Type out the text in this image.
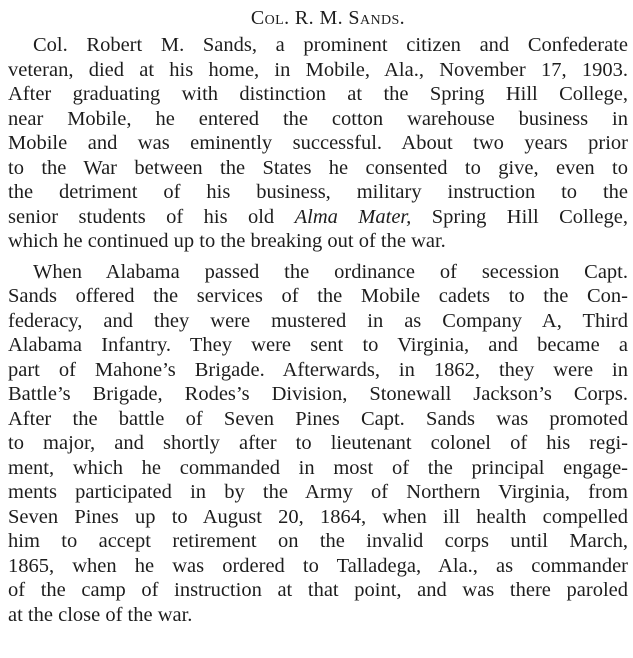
Col. R. M. Sands.
Col. Robert M. Sands, a prominent citizen and Confederate
veteran, died at his home, in Mobile, Ala., November 17, 1903.
After graduating with distinction at the Spring Hill College,
near Mobile, he entered the cotton warehouse business in
Mobile and was eminently successful. About two years prior
to the War between the States he consented to give, even to
the detriment of his business, military instruction to the
senior students of his old Alma Mater, Spring Hill College,
which he continued up to the breaking out of the war.
When Alabama passed the ordinance of secession Capt.
Sands offered the services of the Mobile cadets to the Con-
federacy, and they were mustered in as Company A, Third
Alabama Infantry. They were sent to Virginia, and became a
part of Mahone’s Brigade. Afterwards, in 1862, they were in
Battle’s Brigade, Rodes’s Division, Stonewall Jackson’s Corps.
After the battle of Seven Pines Capt. Sands was promoted
to major, and shortly after to lieutenant colonel of his regi-
ment, which he commanded in most of the principal engage-
ments participated in by the Army of Northern Virginia, from
Seven Pines up to August 20, 1864, when ill health compelled
him to accept retirement on the invalid corps until March,
1865, when he was ordered to Talladega, Ala., as commander
of the camp of instruction at that point, and was there paroled
at the close of the war.
